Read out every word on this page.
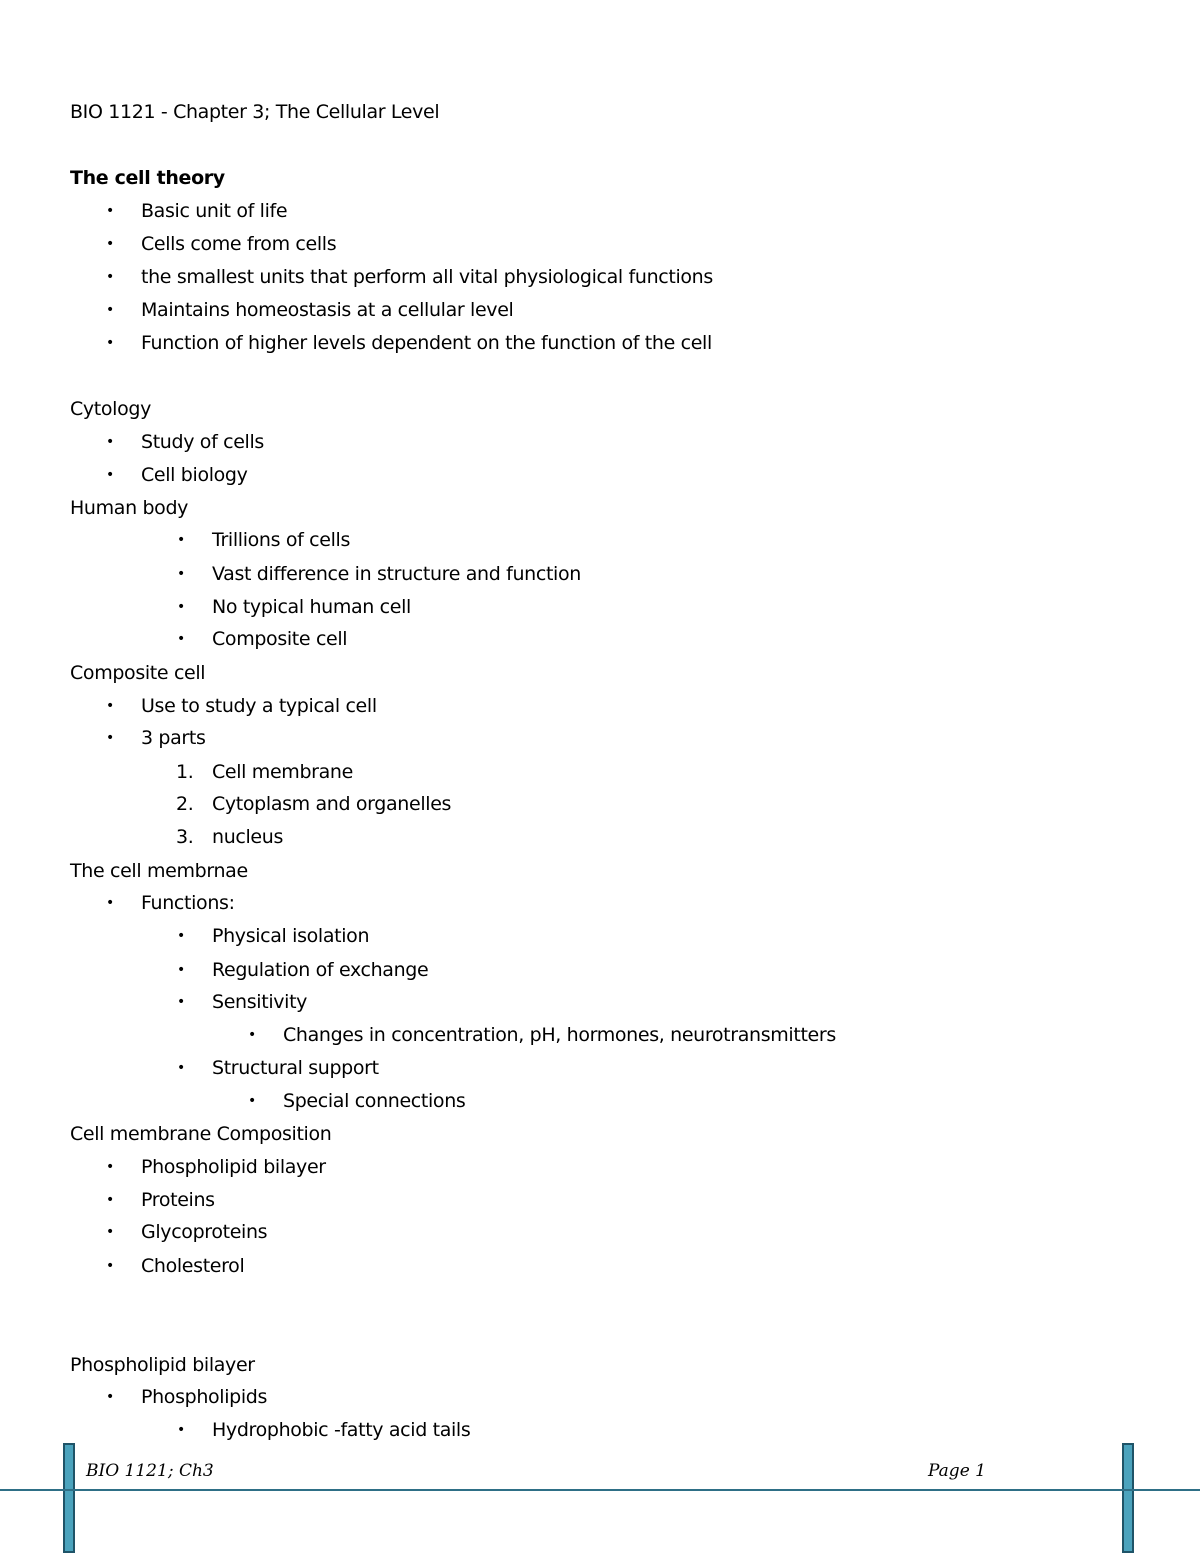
BIO 1121 - Chapter 3; The Cellular Level
The cell theory
• Basic unit of life
• Cells come from cells
• the smallest units that perform all vital physiological functions
• Maintains homeostasis at a cellular level
• Function of higher levels dependent on the function of the cell
Cytology
• Study of cells
• Cell biology
Human body
• Trillions of cells
• Vast difference in structure and function
• No typical human cell
• Composite cell
Composite cell
• Use to study a typical cell
• 3 parts
1. Cell membrane
2. Cytoplasm and organelles
3. nucleus
The cell membrnae
• Functions:
• Physical isolation
• Regulation of exchange
• Sensitivity
• Changes in concentration, pH, hormones, neurotransmitters
• Structural support
• Special connections
Cell membrane Composition
• Phospholipid bilayer
• Proteins
• Glycoproteins
• Cholesterol
Phospholipid bilayer
• Phospholipids
• Hydrophobic -fatty acid tails
BIO 1121; Ch3	Page 1
